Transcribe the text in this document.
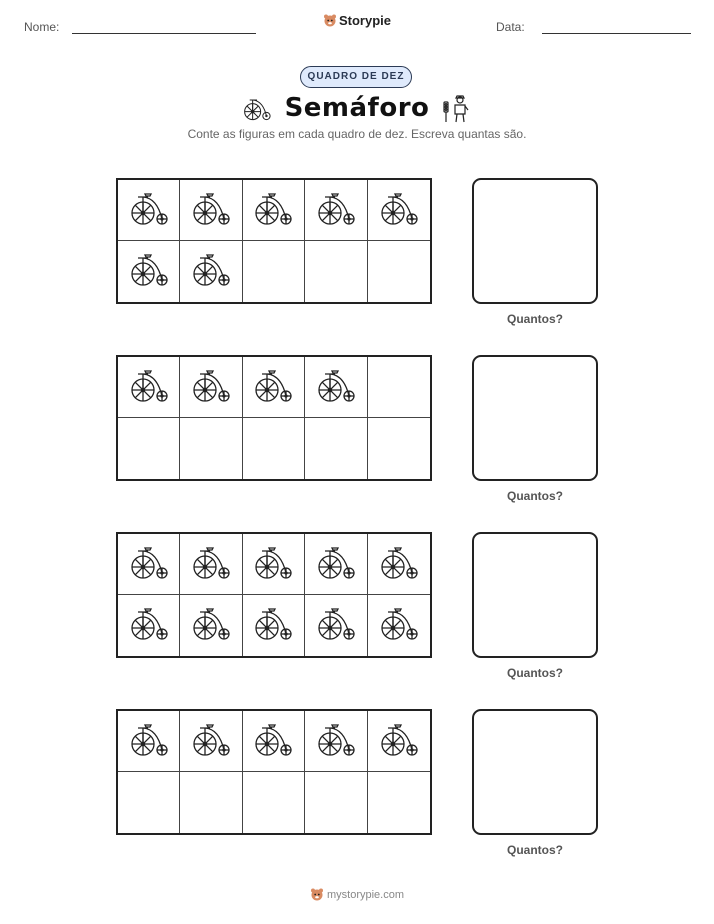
Nome:	Storypie	Data:
QUADRO DE DEZ
Semáforo
Conte as figuras em cada quadro de dez. Escreva quantas são.
Quantos?
Quantos?
Quantos?
Quantos?
mystorypie.com
